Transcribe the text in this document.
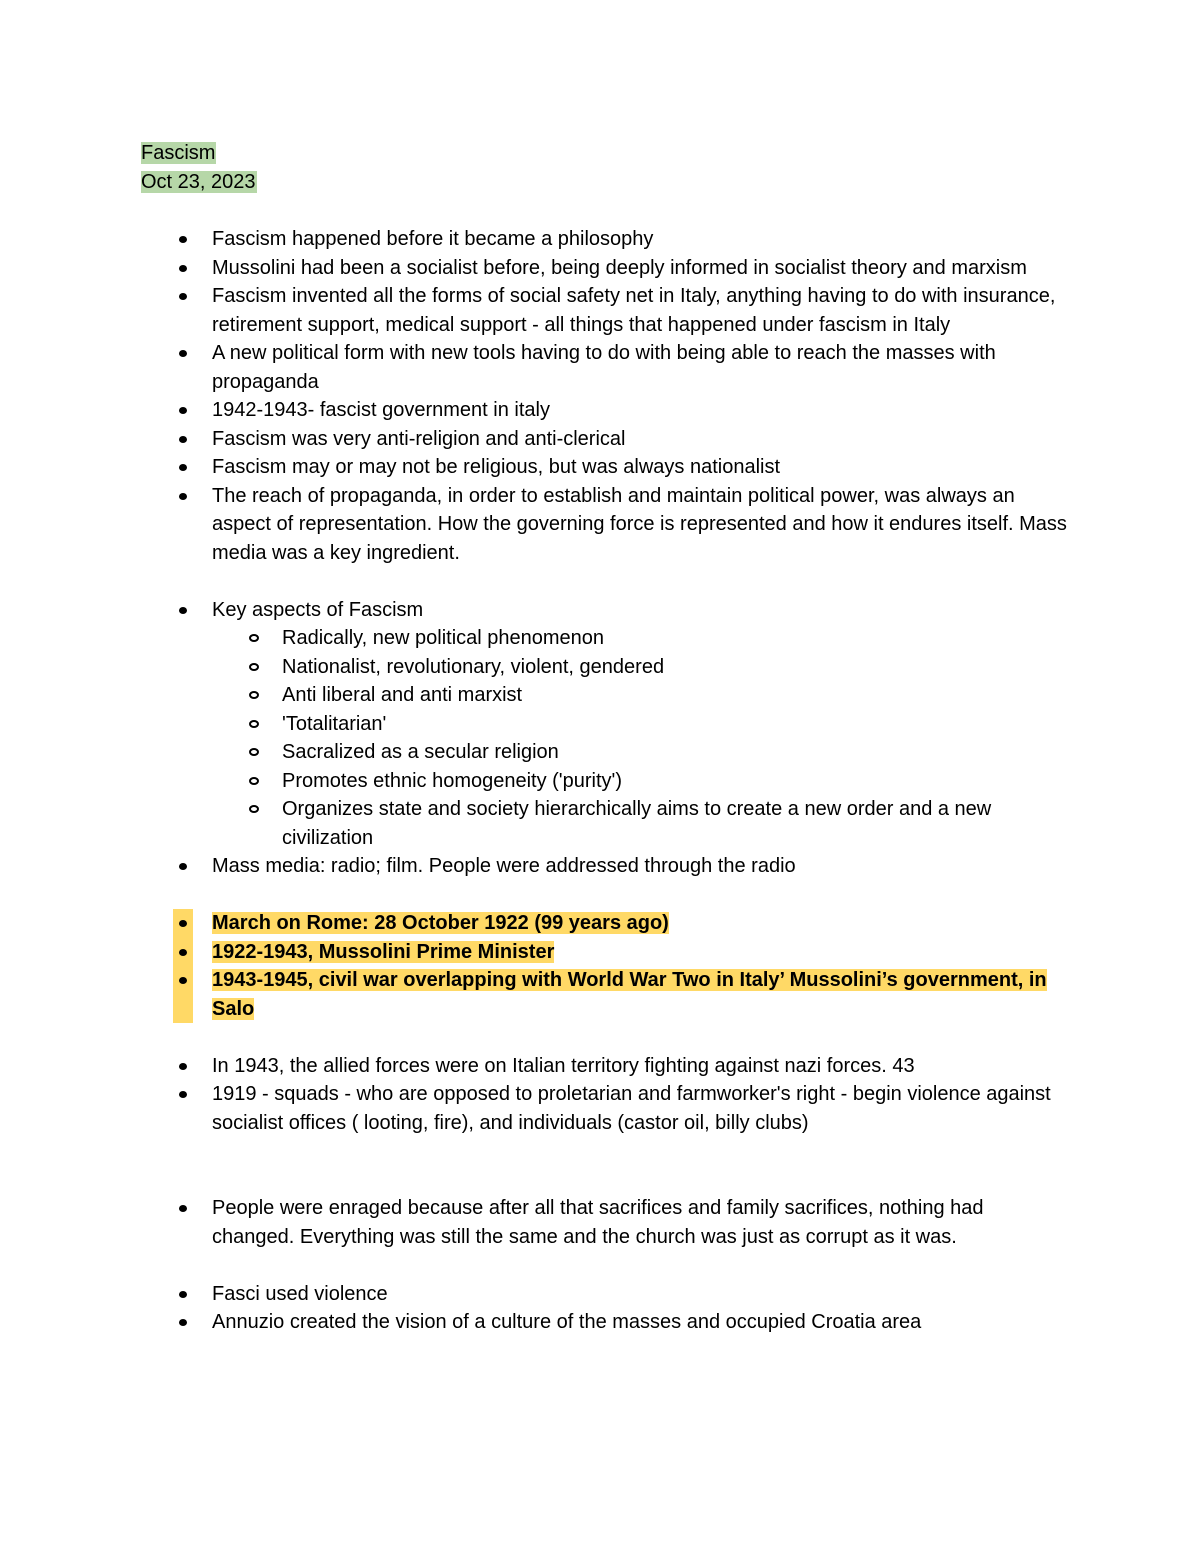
Fascism
Oct 23, 2023
Fascism happened before it became a philosophy
Mussolini had been a socialist before, being deeply informed in socialist theory and marxism
Fascism invented all the forms of social safety net in Italy, anything having to do with insurance, retirement support, medical support - all things that happened under fascism in Italy
A new political form with new tools having to do with being able to reach the masses with propaganda
1942-1943- fascist government in italy
Fascism was very anti-religion and anti-clerical
Fascism may or may not be religious, but was always nationalist
The reach of propaganda, in order to establish and maintain political power, was always an aspect of representation. How the governing force is represented and how it endures itself. Mass media was a key ingredient.
Key aspects of Fascism
Radically, new political phenomenon
Nationalist, revolutionary, violent, gendered
Anti liberal and anti marxist
'Totalitarian'
Sacralized as a secular religion
Promotes ethnic homogeneity ('purity')
Organizes state and society hierarchically aims to create a new order and a new civilization
Mass media: radio; film. People were addressed through the radio
March on Rome: 28 October 1922 (99 years ago)
1922-1943, Mussolini Prime Minister
1943-1945, civil war overlapping with World War Two in Italy’ Mussolini’s government, in Salo
In 1943, the allied forces were on Italian territory fighting against nazi forces. 43
1919 - squads - who are opposed to proletarian and farmworker's right - begin violence against socialist offices ( looting, fire), and individuals (castor oil, billy clubs)
People were enraged because after all that sacrifices and family sacrifices, nothing had changed. Everything was still the same and the church was just as corrupt as it was.
Fasci used violence
Annuzio created the vision of a culture of the masses and occupied Croatia area
